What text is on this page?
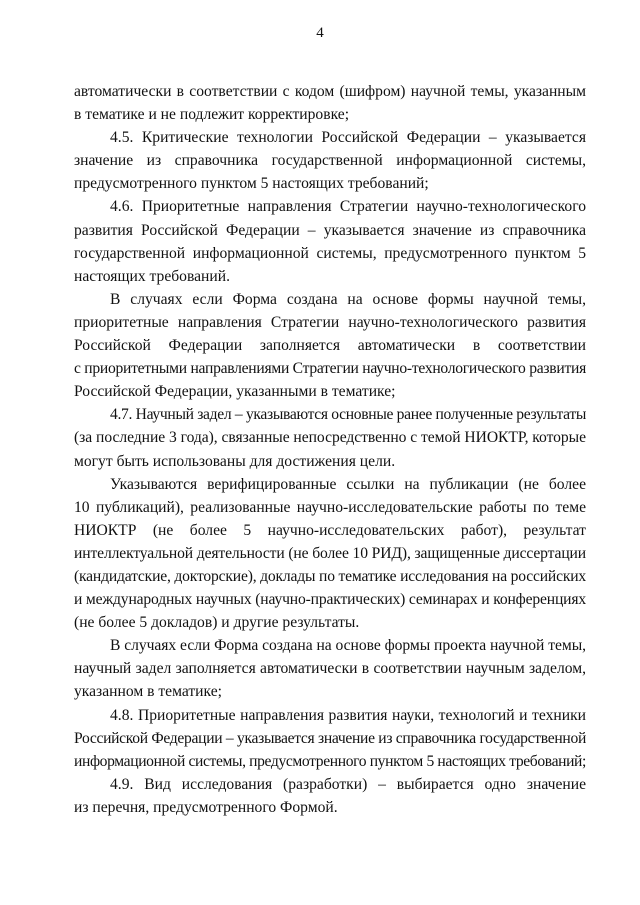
4
автоматически в соответствии с кодом (шифром) научной темы, указанным
в тематике и не подлежит корректировке;
4.5. Критические технологии Российской Федерации – указывается
значение из справочника государственной информационной системы,
предусмотренного пунктом 5 настоящих требований;
4.6. Приоритетные направления Стратегии научно-технологического
развития Российской Федерации – указывается значение из справочника
государственной информационной системы, предусмотренного пунктом 5
настоящих требований.
В случаях если Форма создана на основе формы научной темы,
приоритетные направления Стратегии научно-технологического развития
Российской Федерации заполняется автоматически в соответствии
с приоритетными направлениями Стратегии научно-технологического развития
Российской Федерации, указанными в тематике;
4.7. Научный задел – указываются основные ранее полученные результаты
(за последние 3 года), связанные непосредственно с темой НИОКТР, которые
могут быть использованы для достижения цели.
Указываются верифицированные ссылки на публикации (не более
10 публикаций), реализованные научно-исследовательские работы по теме
НИОКТР (не более 5 научно-исследовательских работ), результат
интеллектуальной деятельности (не более 10 РИД), защищенные диссертации
(кандидатские, докторские), доклады по тематике исследования на российских
и международных научных (научно-практических) семинарах и конференциях
(не более 5 докладов) и другие результаты.
В случаях если Форма создана на основе формы проекта научной темы,
научный задел заполняется автоматически в соответствии научным заделом,
указанном в тематике;
4.8. Приоритетные направления развития науки, технологий и техники
Российской Федерации – указывается значение из справочника государственной
информационной системы, предусмотренного пунктом 5 настоящих требований;
4.9. Вид исследования (разработки) – выбирается одно значение
из перечня, предусмотренного Формой.
